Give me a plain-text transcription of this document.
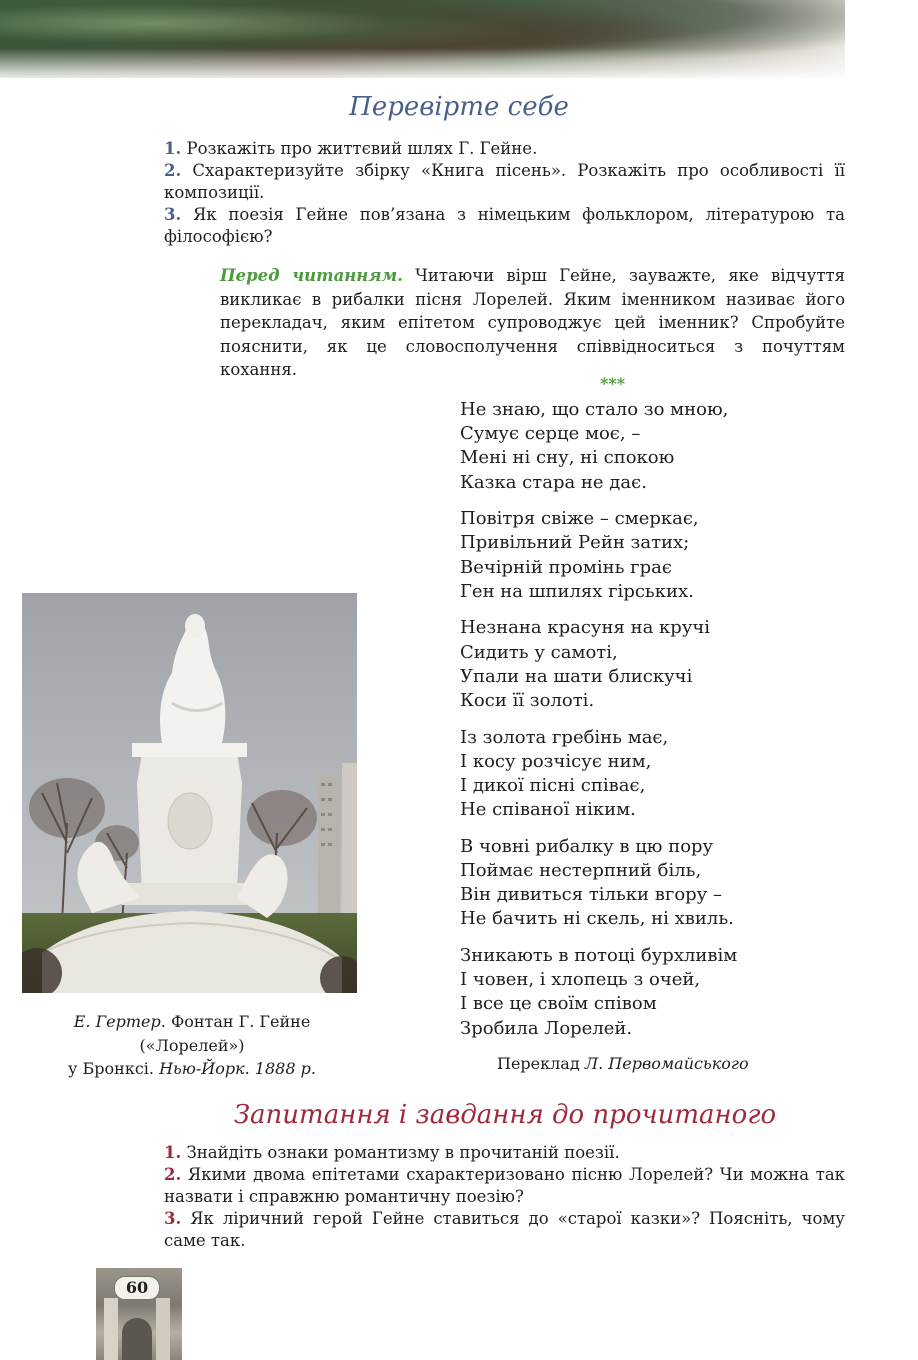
Перевірте себе

1. Розкажіть про життєвий шлях Г. Гейне.

2. Схарактеризуйте збірку «Книга пісень». Розкажіть про особливості її композиції.

3. Як поезія Гейне пов’язана з німецьким фольклором, літературою та філософією?

Перед читанням. Читаючи вірш Гейне, зауважте, яке відчуття викликає в рибалки пісня Лорелей. Яким іменником називає його перекладач, яким епітетом супроводжує цей іменник? Спробуйте пояснити, як це словосполучення співвідноситься з почуттям кохання.

***
Не знаю, що стало зо мною,
Сумує серце моє, –
Мені ні сну, ні спокою
Казка стара не дає.
Повітря свіже – смеркає,
Привільний Рейн затих;
Вечірній промінь грає
Ген на шпилях гірських.
Незнана красуня на кручі
Сидить у самоті,
Упали на шати блискучі
Коси її золоті.
Із золота гребінь має,
І косу розчісує ним,
І дикої пісні співає,
Не співаної ніким.
В човні рибалку в цю пору
Поймає нестерпний біль,
Він дивиться тільки вгору –
Не бачить ні скель, ні хвиль.
Зникають в потоці бурхливім
І човен, і хлопець з очей,
І все це своїм співом
Зробила Лорелей.
Переклад Л. Первомайського

Е. Гертер. Фонтан Г. Гейне

(«Лорелей»)

у Бронксі. Нью-Йорк. 1888 р.

Запитання і завдання до прочитаного

1. Знайдіть ознаки романтизму в прочитаній поезії.

2. Якими двома епітетами схарактеризовано пісню Лорелей? Чи можна так назвати і справжню романтичну поезію?

3. Як ліричний герой Гейне ставиться до «старої казки»? Поясніть, чому саме так.

60
